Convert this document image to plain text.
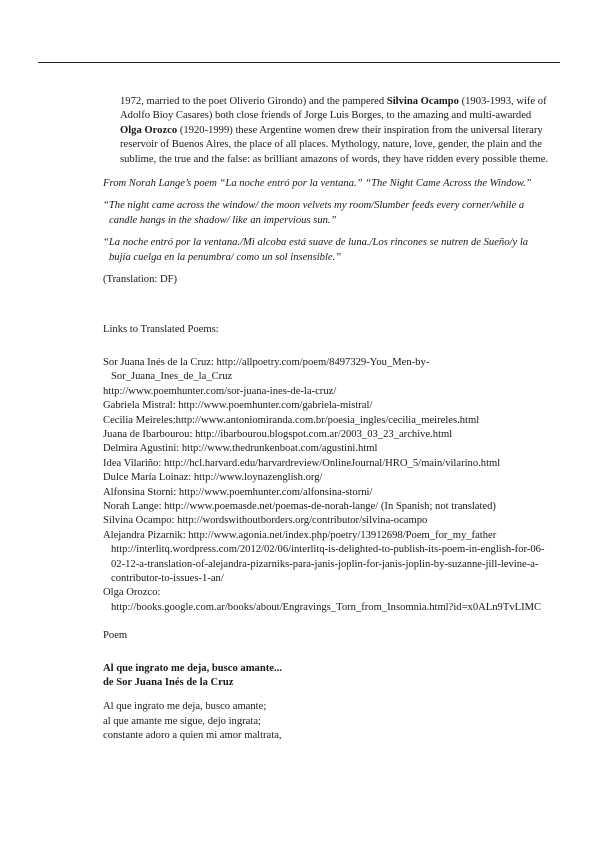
1972, married to the poet Oliverio Girondo) and the pampered Silvina Ocampo (1903-1993, wife of
Adolfo Bioy Casares) both close friends of Jorge Luis Borges, to the amazing and multi-awarded
Olga Orozco (1920-1999) these Argentine women drew their inspiration from the universal literary
reservoir of Buenos Aires, the place of all places. Mythology, nature, love, gender, the plain and the
sublime, the true and the false: as brilliant amazons of words, they have ridden every possible theme.
From Norah Lange’s poem “La noche entró por la ventana.” “The Night Came Across the Window.”
“The night came across the window/ the moon velvets my room/Slumber feeds every corner/while a
candle hangs in the shadow/ like an impervious sun.”
“La noche entró por la ventana./Mi alcoba está suave de luna./Los rincones se nutren de Sueño/y la
bujía cuelga en la penumbra/ como un sol insensible.”
(Translation: DF)
Links to Translated Poems:
Sor Juana Inés de la Cruz: http://allpoetry.com/poem/8497329-You_Men-by-
Sor_Juana_Ines_de_la_Cruz
http://www.poemhunter.com/sor-juana-ines-de-la-cruz/
Gabriela Mistral: http://www.poemhunter.com/gabriela-mistral/
Cecilia Meireles:http://www.antoniomiranda.com.br/poesia_ingles/cecilia_meireles.html
Juana de Ibarbourou: http://ibarbourou.blogspot.com.ar/2003_03_23_archive.html
Delmira Agustini: http://www.thedrunkenboat.com/agustini.html
Idea Vilariño: http://hcl.harvard.edu/harvardreview/OnlineJournal/HRO_5/main/vilarino.html
Dulce María Loinaz: http://www.loynazenglish.org/
Alfonsina Storni: http://www.poemhunter.com/alfonsina-storni/
Norah Lange: http://www.poemasde.net/poemas-de-norah-lange/ (In Spanish; not translated)
Silvina Ocampo: http://wordswithoutborders.org/contributor/silvina-ocampo
Alejandra Pizarnik: http://www.agonia.net/index.php/poetry/13912698/Poem_for_my_father
http://interlitq.wordpress.com/2012/02/06/interlitq-is-delighted-to-publish-its-poem-in-english-for-06-
02-12-a-translation-of-alejandra-pizarniks-para-janis-joplin-for-janis-joplin-by-suzanne-jill-levine-a-
contributor-to-issues-1-an/
Olga Orozco:
http://books.google.com.ar/books/about/Engravings_Torn_from_Insomnia.html?id=x0ALn9TvLIMC
Poem
Al que ingrato me deja, busco amante...
de Sor Juana Inés de la Cruz
Al que ingrato me deja, busco amante;
al que amante me sigue, dejo ingrata;
constante adoro a quien mi amor maltrata,
